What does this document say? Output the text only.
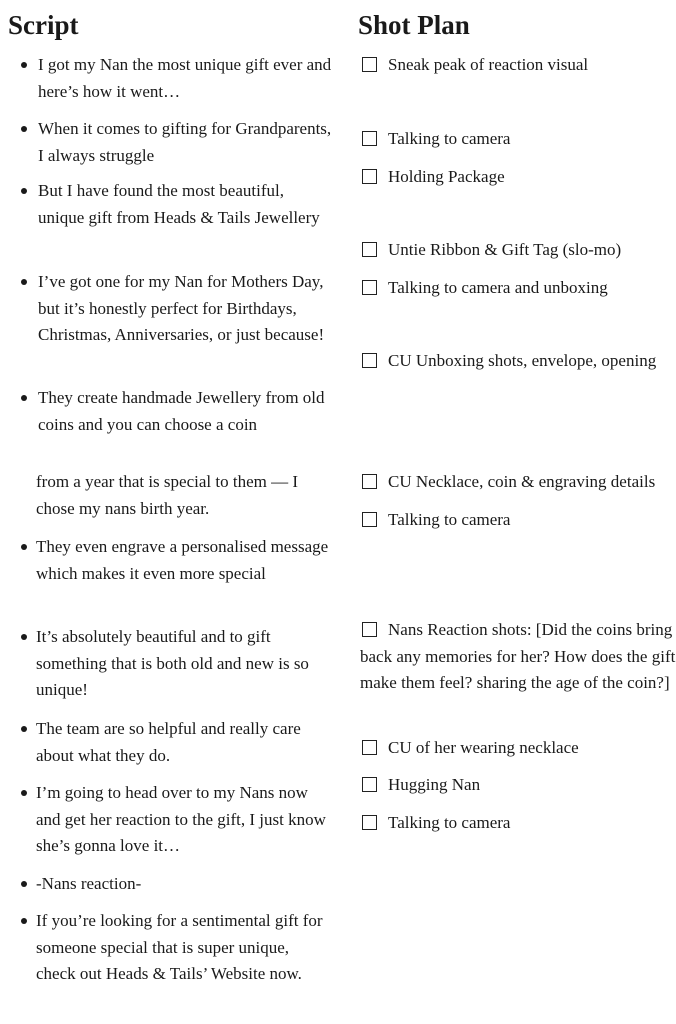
Script	Shot Plan
I got my Nan the most unique gift ever and here’s how it went…
When it comes to gifting for Grandparents, I always struggle
But I have found the most beautiful, unique gift from Heads & Tails Jewellery
I’ve got one for my Nan for Mothers Day, but it’s honestly perfect for Birthdays, Christmas, Anniversaries, or just because!
They create handmade Jewellery from old coins and you can choose a coin
from a year that is special to them — I chose my nans birth year.
They even engrave a personalised message which makes it even more special
It’s absolutely beautiful and to gift something that is both old and new is so unique!
The team are so helpful and really care about what they do.
I’m going to head over to my Nans now and get her reaction to the gift, I just know she’s gonna love it…
-Nans reaction-
If you’re looking for a sentimental gift for someone special that is super unique, check out Heads & Tails’ Website now.
Sneak peak of reaction visual
Talking to camera
Holding Package
Untie Ribbon & Gift Tag (slo-mo)
Talking to camera and unboxing
CU Unboxing shots, envelope, opening
CU Necklace, coin & engraving details
Talking to camera
Nans Reaction shots: [Did the coins bring back any memories for her? How does the gift make them feel? sharing the age of the coin?]
CU of her wearing necklace
Hugging Nan
Talking to camera
